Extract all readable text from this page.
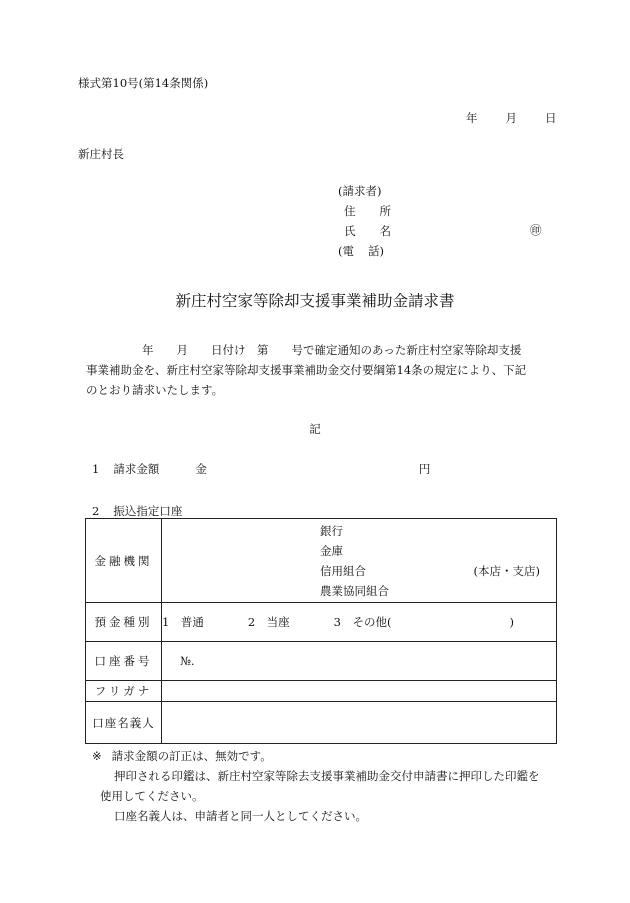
様式第10号(第14条関係)
年 月 日
新庄村長
(請求者)
住 所
氏 名
(電 話)
㊞
新庄村空家等除却支援事業補助金請求書

年　　月　　日付け　第　　号で確定通知のあった新庄村空家等除却支援

事業補助金を、新庄村空家等除却支援事業補助金交付要綱第14条の規定により、下記

のとおり請求いたします。

記
1 請求金額	金	円
2 振込指定口座
金融機関	銀行
金庫
信用組合
農業協同組合
(本店・支店)

預金種別	1　普通 2　当座 3　その他( )
口座番号	№.
フリガナ	
口座名義人	

※ 請求金額の訂正は、無効です。

押印される印鑑は、新庄村空家等除去支援事業補助金交付申請書に押印した印鑑を

使用してください。

口座名義人は、申請者と同一人としてください。
